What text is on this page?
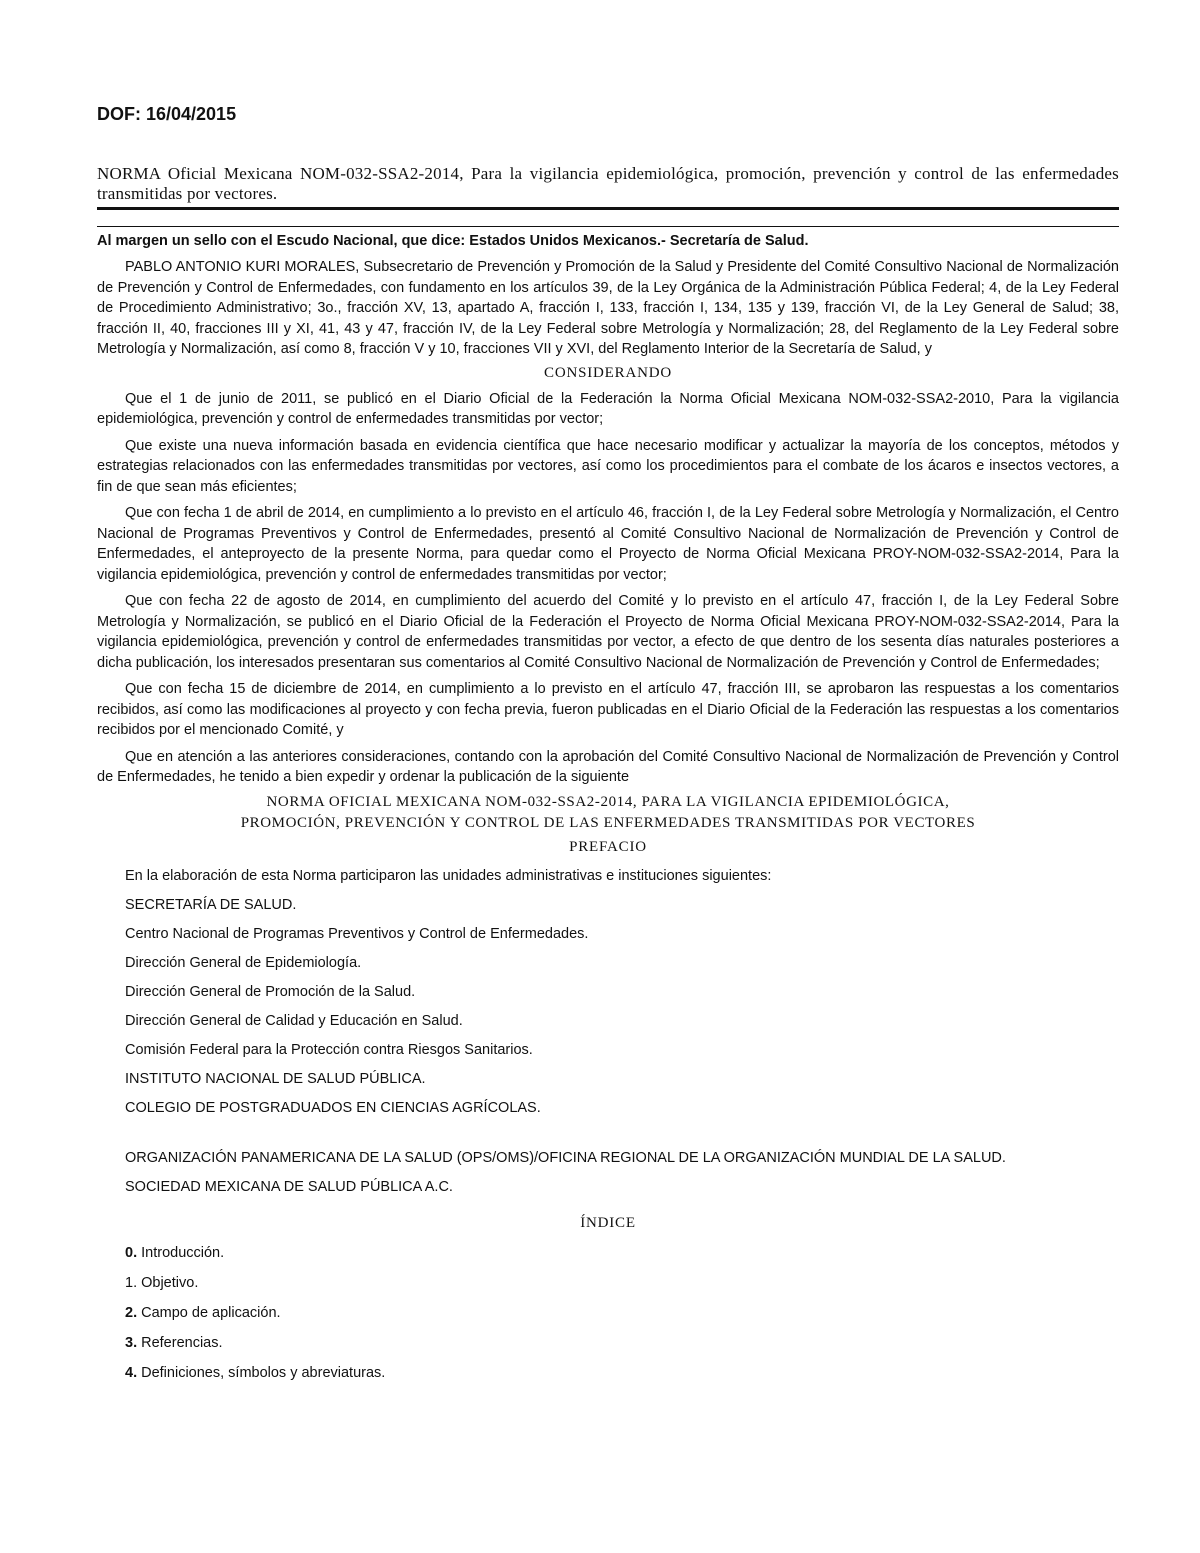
DOF: 16/04/2015
NORMA Oficial Mexicana NOM-032-SSA2-2014, Para la vigilancia epidemiológica, promoción, prevención y control de las enfermedades transmitidas por vectores.
Al margen un sello con el Escudo Nacional, que dice: Estados Unidos Mexicanos.- Secretaría de Salud.
PABLO ANTONIO KURI MORALES, Subsecretario de Prevención y Promoción de la Salud y Presidente del Comité Consultivo Nacional de Normalización de Prevención y Control de Enfermedades, con fundamento en los artículos 39, de la Ley Orgánica de la Administración Pública Federal; 4, de la Ley Federal de Procedimiento Administrativo; 3o., fracción XV, 13, apartado A, fracción I, 133, fracción I, 134, 135 y 139, fracción VI, de la Ley General de Salud; 38, fracción II, 40, fracciones III y XI, 41, 43 y 47, fracción IV, de la Ley Federal sobre Metrología y Normalización; 28, del Reglamento de la Ley Federal sobre Metrología y Normalización, así como 8, fracción V y 10, fracciones VII y XVI, del Reglamento Interior de la Secretaría de Salud, y
CONSIDERANDO
Que el 1 de junio de 2011, se publicó en el Diario Oficial de la Federación la Norma Oficial Mexicana NOM-032-SSA2-2010, Para la vigilancia epidemiológica, prevención y control de enfermedades transmitidas por vector;
Que existe una nueva información basada en evidencia científica que hace necesario modificar y actualizar la mayoría de los conceptos, métodos y estrategias relacionados con las enfermedades transmitidas por vectores, así como los procedimientos para el combate de los ácaros e insectos vectores, a fin de que sean más eficientes;
Que con fecha 1 de abril de 2014, en cumplimiento a lo previsto en el artículo 46, fracción I, de la Ley Federal sobre Metrología y Normalización, el Centro Nacional de Programas Preventivos y Control de Enfermedades, presentó al Comité Consultivo Nacional de Normalización de Prevención y Control de Enfermedades, el anteproyecto de la presente Norma, para quedar como el Proyecto de Norma Oficial Mexicana PROY-NOM-032-SSA2-2014, Para la vigilancia epidemiológica, prevención y control de enfermedades transmitidas por vector;
Que con fecha 22 de agosto de 2014, en cumplimiento del acuerdo del Comité y lo previsto en el artículo 47, fracción I, de la Ley Federal Sobre Metrología y Normalización, se publicó en el Diario Oficial de la Federación el Proyecto de Norma Oficial Mexicana PROY-NOM-032-SSA2-2014, Para la vigilancia epidemiológica, prevención y control de enfermedades transmitidas por vector, a efecto de que dentro de los sesenta días naturales posteriores a dicha publicación, los interesados presentaran sus comentarios al Comité Consultivo Nacional de Normalización de Prevención y Control de Enfermedades;
Que con fecha 15 de diciembre de 2014, en cumplimiento a lo previsto en el artículo 47, fracción III, se aprobaron las respuestas a los comentarios recibidos, así como las modificaciones al proyecto y con fecha previa, fueron publicadas en el Diario Oficial de la Federación las respuestas a los comentarios recibidos por el mencionado Comité, y
Que en atención a las anteriores consideraciones, contando con la aprobación del Comité Consultivo Nacional de Normalización de Prevención y Control de Enfermedades, he tenido a bien expedir y ordenar la publicación de la siguiente
NORMA OFICIAL MEXICANA NOM-032-SSA2-2014, PARA LA VIGILANCIA EPIDEMIOLÓGICA,
PROMOCIÓN, PREVENCIÓN Y CONTROL DE LAS ENFERMEDADES TRANSMITIDAS POR VECTORES
PREFACIO
En la elaboración de esta Norma participaron las unidades administrativas e instituciones siguientes:
SECRETARÍA DE SALUD.
Centro Nacional de Programas Preventivos y Control de Enfermedades.
Dirección General de Epidemiología.
Dirección General de Promoción de la Salud.
Dirección General de Calidad y Educación en Salud.
Comisión Federal para la Protección contra Riesgos Sanitarios.
INSTITUTO NACIONAL DE SALUD PÚBLICA.
COLEGIO DE POSTGRADUADOS EN CIENCIAS AGRÍCOLAS.
ORGANIZACIÓN PANAMERICANA DE LA SALUD (OPS/OMS)/OFICINA REGIONAL DE LA ORGANIZACIÓN MUNDIAL DE LA SALUD.
SOCIEDAD MEXICANA DE SALUD PÚBLICA A.C.
ÍNDICE
0. Introducción.
1. Objetivo.
2. Campo de aplicación.
3. Referencias.
4. Definiciones, símbolos y abreviaturas.
